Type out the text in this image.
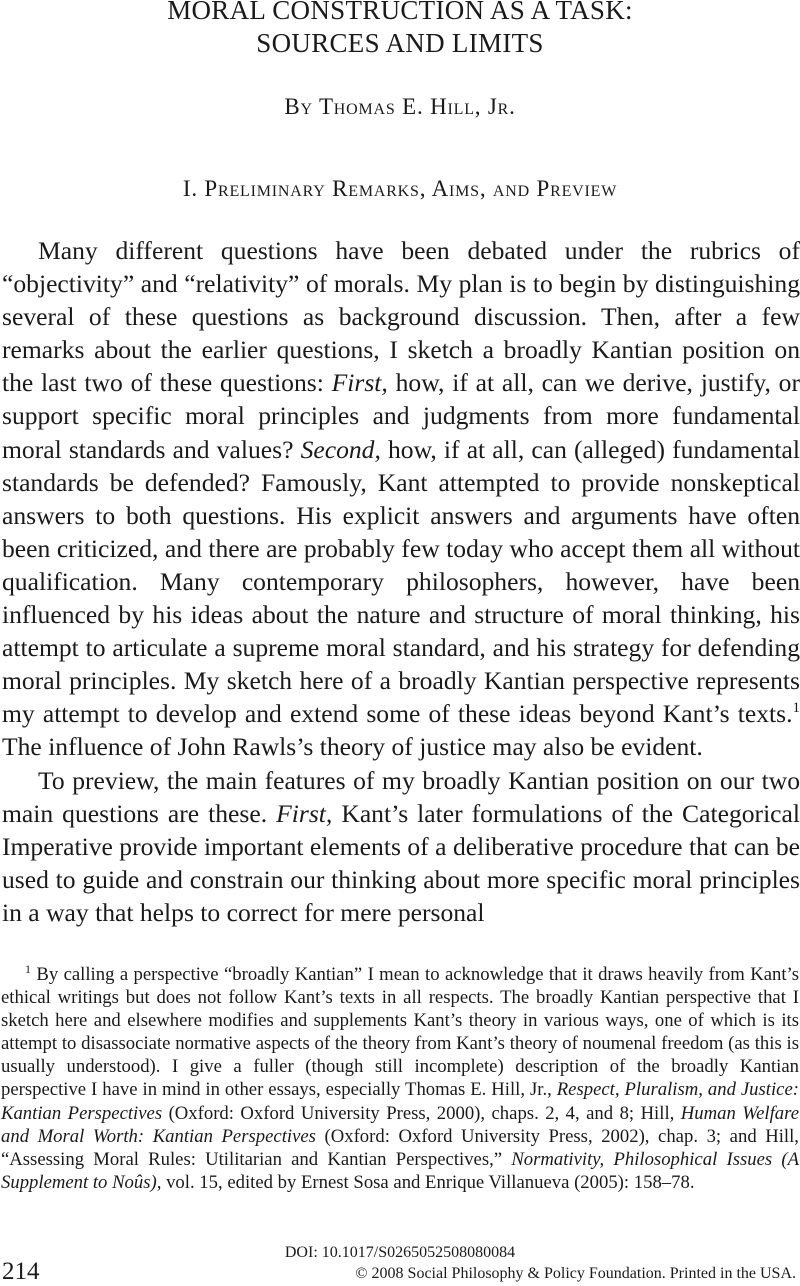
MORAL CONSTRUCTION AS A TASK:
SOURCES AND LIMITS
By Thomas E. Hill, Jr.
I. Preliminary Remarks, Aims, and Preview

Many different questions have been debated under the rubrics of “objectivity” and “relativity” of morals. My plan is to begin by distinguishing several of these questions as background discussion. Then, after a few remarks about the earlier questions, I sketch a broadly Kantian position on the last two of these questions: First, how, if at all, can we derive, justify, or support specific moral principles and judgments from more fundamental moral standards and values? Second, how, if at all, can (alleged) fundamental standards be defended? Famously, Kant attempted to provide nonskeptical answers to both questions. His explicit answers and arguments have often been criticized, and there are probably few today who accept them all without qualification. Many contemporary philosophers, however, have been influenced by his ideas about the nature and structure of moral thinking, his attempt to articulate a supreme moral standard, and his strategy for defending moral principles. My sketch here of a broadly Kantian perspective represents my attempt to develop and extend some of these ideas beyond Kant’s texts.$^1$ The influence of John Rawls’s theory of justice may also be evident.

To preview, the main features of my broadly Kantian position on our two main questions are these. First, Kant’s later formulations of the Categorical Imperative provide important elements of a deliberative procedure that can be used to guide and constrain our thinking about more specific moral principles in a way that helps to correct for mere personal

$^1$ By calling a perspective “broadly Kantian” I mean to acknowledge that it draws heavily from Kant’s ethical writings but does not follow Kant’s texts in all respects. The broadly Kantian perspective that I sketch here and elsewhere modifies and supplements Kant’s theory in various ways, one of which is its attempt to disassociate normative aspects of the theory from Kant’s theory of noumenal freedom (as this is usually understood). I give a fuller (though still incomplete) description of the broadly Kantian perspective I have in mind in other essays, especially Thomas E. Hill, Jr., Respect, Pluralism, and Justice: Kantian Perspectives (Oxford: Oxford University Press, 2000), chaps. 2, 4, and 8; Hill, Human Welfare and Moral Worth: Kantian Perspectives (Oxford: Oxford University Press, 2002), chap. 3; and Hill, “Assessing Moral Rules: Utilitarian and Kantian Perspectives,” Normativity, Philosophical Issues (A Supplement to Noûs), vol. 15, edited by Ernest Sosa and Enrique Villanueva (2005): 158–78.

DOI: 10.1017/S0265052508080084
214	© 2008 Social Philosophy & Policy Foundation. Printed in the USA.
